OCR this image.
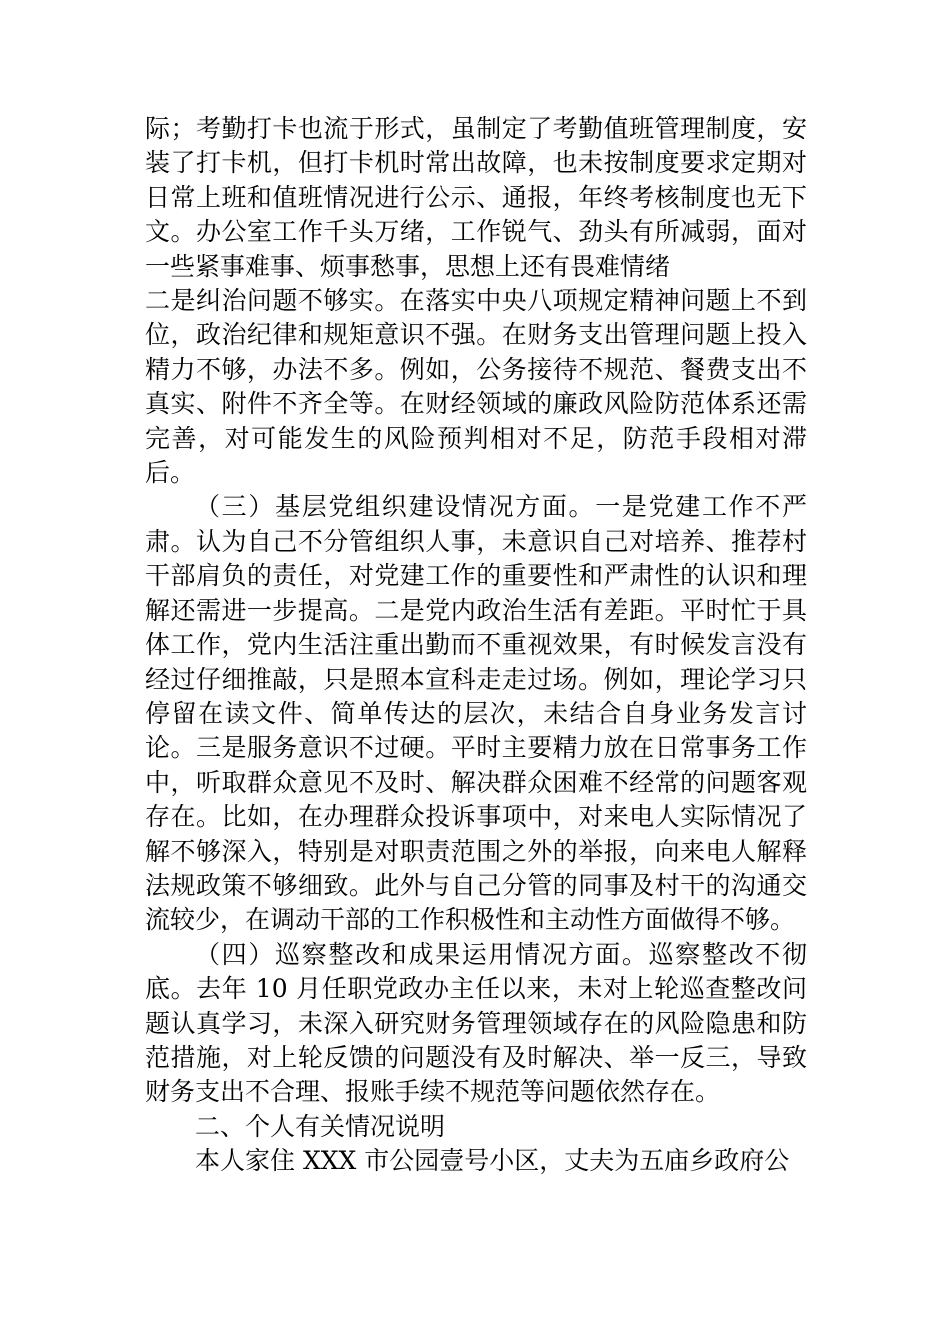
际；考勤打卡也流于形式，虽制定了考勤值班管理制度，安装了打卡机，但打卡机时常出故障，也未按制度要求定期对日常上班和值班情况进行公示、通报，年终考核制度也无下文。办公室工作千头万绪，工作锐气、劲头有所减弱，面对一些紧事难事、烦事愁事，思想上还有畏难情绪

二是纠治问题不够实。在落实中央八项规定精神问题上不到位，政治纪律和规矩意识不强。在财务支出管理问题上投入精力不够，办法不多。例如，公务接待不规范、餐费支出不真实、附件不齐全等。在财经领域的廉政风险防范体系还需完善，对可能发生的风险预判相对不足，防范手段相对滞后。

（三）基层党组织建设情况方面。一是党建工作不严肃。认为自己不分管组织人事，未意识自己对培养、推荐村干部肩负的责任，对党建工作的重要性和严肃性的认识和理解还需进一步提高。二是党内政治生活有差距。平时忙于具体工作，党内生活注重出勤而不重视效果，有时候发言没有经过仔细推敲，只是照本宣科走走过场。例如，理论学习只停留在读文件、简单传达的层次，未结合自身业务发言讨论。三是服务意识不过硬。平时主要精力放在日常事务工作中，听取群众意见不及时、解决群众困难不经常的问题客观存在。比如，在办理群众投诉事项中，对来电人实际情况了解不够深入，特别是对职责范围之外的举报，向来电人解释法规政策不够细致。此外与自己分管的同事及村干的沟通交流较少，在调动干部的工作积极性和主动性方面做得不够。

（四）巡察整改和成果运用情况方面。巡察整改不彻底。去年 10 月任职党政办主任以来，未对上轮巡查整改问题认真学习，未深入研究财务管理领域存在的风险隐患和防范措施，对上轮反馈的问题没有及时解决、举一反三，导致财务支出不合理、报账手续不规范等问题依然存在。

二、个人有关情况说明

本人家住 XXX 市公园壹号小区，丈夫为五庙乡政府公
